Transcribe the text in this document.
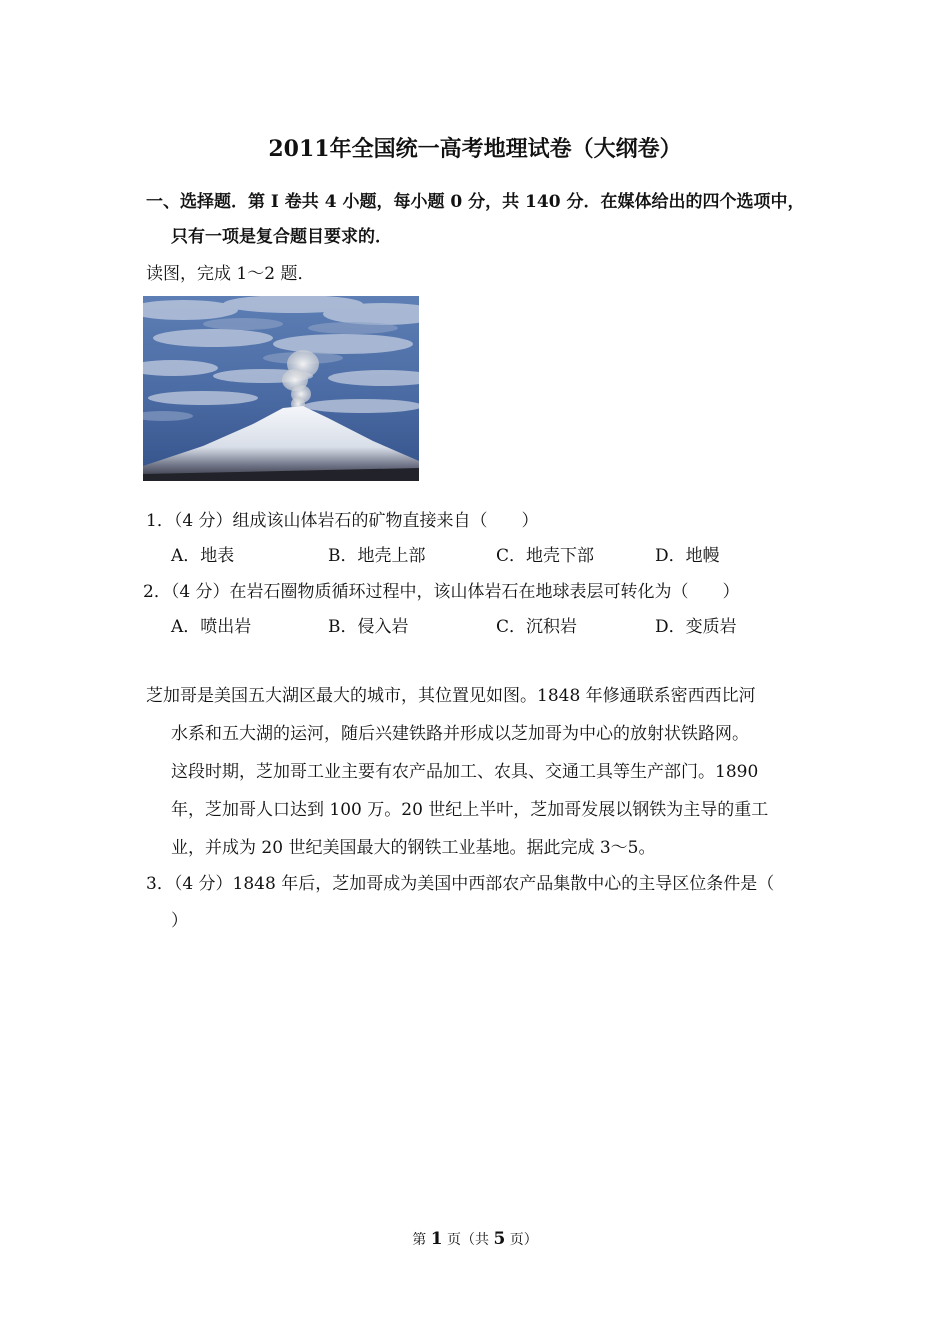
2011年全国统一高考地理试卷（大纲卷）
一、选择题．第 I 卷共 4 小题，每小题 0 分，共 140 分．在媒体给出的四个选项中，
只有一项是复合题目要求的．
读图，完成 1～2 题．
1．（4 分）组成该山体岩石的矿物直接来自（　　）
A．地表	B．地壳上部	C．地壳下部	D．地幔
2．（4 分）在岩石圈物质循环过程中，该山体岩石在地球表层可转化为（　　）
A．喷出岩	B．侵入岩	C．沉积岩	D．变质岩
芝加哥是美国五大湖区最大的城市，其位置见如图。1848 年修通联系密西西比河
水系和五大湖的运河，随后兴建铁路并形成以芝加哥为中心的放射状铁路网。
这段时期，芝加哥工业主要有农产品加工、农具、交通工具等生产部门。1890
年，芝加哥人口达到 100 万。20 世纪上半叶，芝加哥发展以钢铁为主导的重工
业，并成为 20 世纪美国最大的钢铁工业基地。据此完成 3～5。
3．（4 分）1848 年后，芝加哥成为美国中西部农产品集散中心的主导区位条件是（
）
第 1 页（共 5 页）
